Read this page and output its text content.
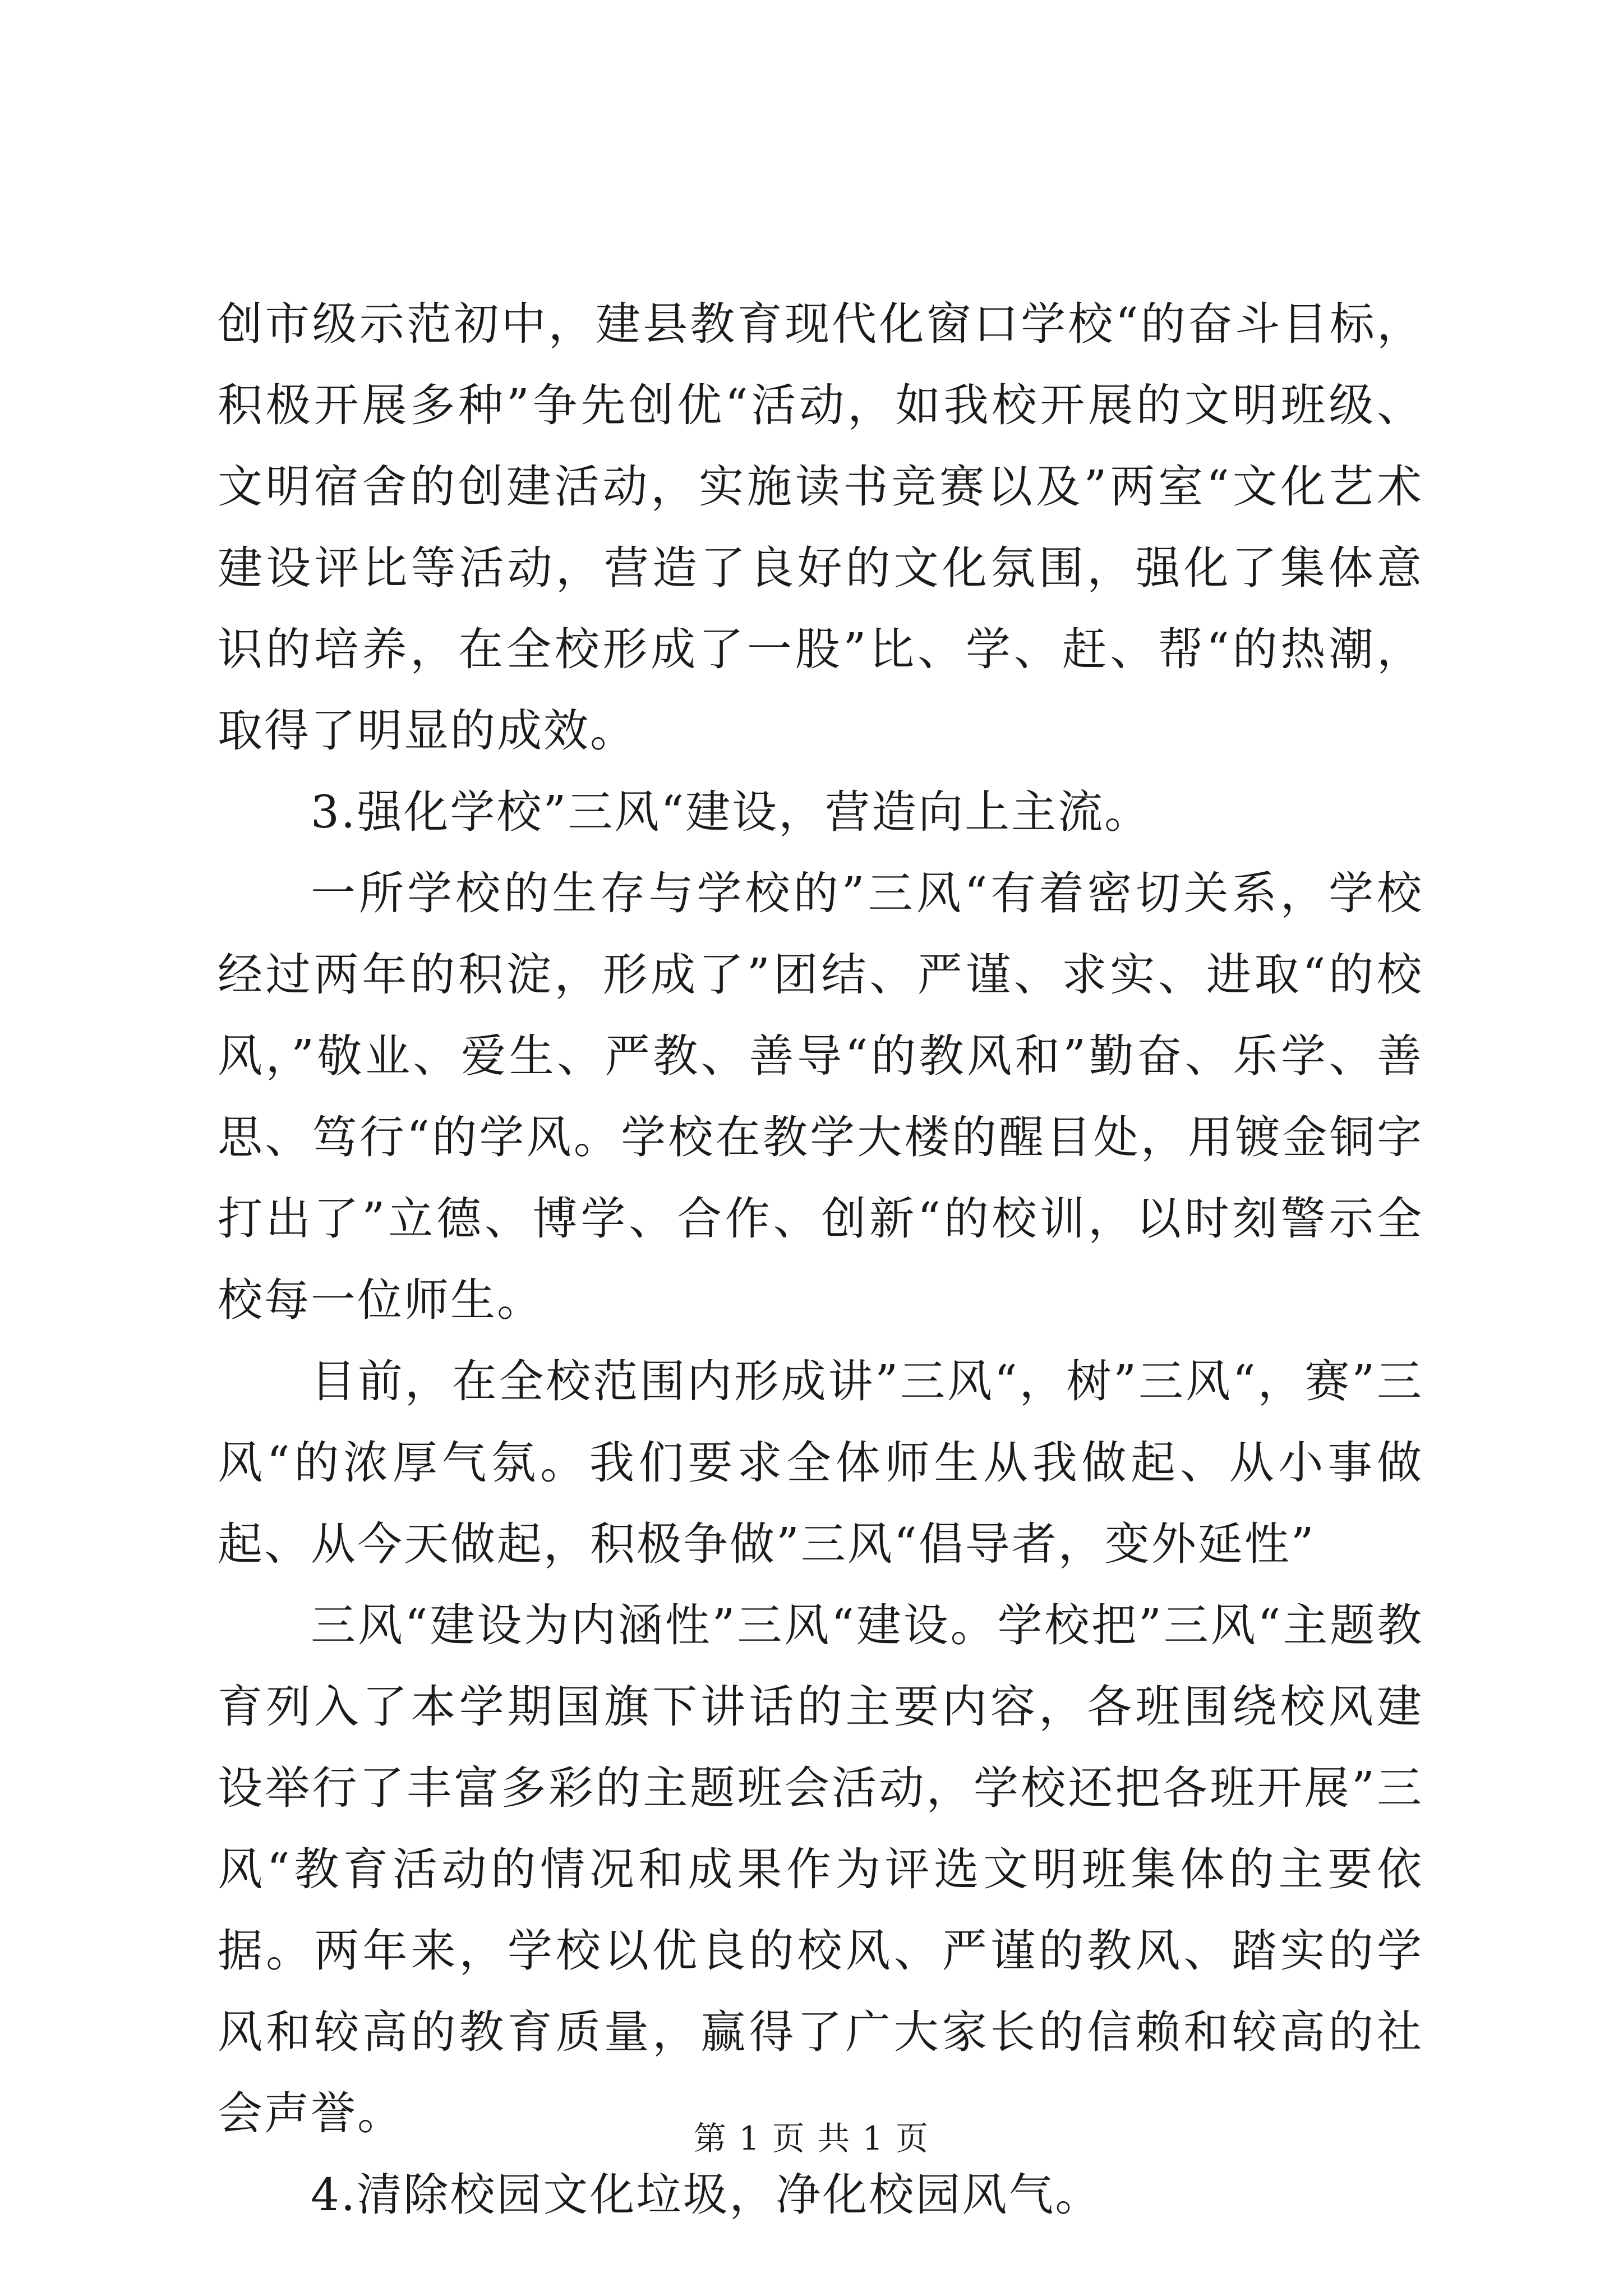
创市级示范初中，建县教育现代化窗口学校“的奋斗目标，积极开展多种”争先创优“活动，如我校开展的文明班级、文明宿舍的创建活动，实施读书竞赛以及”两室“文化艺术建设评比等活动，营造了良好的文化氛围，强化了集体意识的培养，在全校形成了一股”比、学、赶、帮“的热潮，取得了明显的成效。

3.强化学校”三风“建设，营造向上主流。

一所学校的生存与学校的”三风“有着密切关系，学校经过两年的积淀，形成了”团结、严谨、求实、进取“的校风，”敬业、爱生、严教、善导“的教风和”勤奋、乐学、善思、笃行“的学风。学校在教学大楼的醒目处，用镀金铜字打出了”立德、博学、合作、创新“的校训，以时刻警示全校每一位师生。

目前，在全校范围内形成讲”三风“，树”三风“，赛”三风“的浓厚气氛。我们要求全体师生从我做起、从小事做起、从今天做起，积极争做”三风“倡导者，变外延性”

三风“建设为内涵性”三风“建设。学校把”三风“主题教育列入了本学期国旗下讲话的主要内容，各班围绕校风建设举行了丰富多彩的主题班会活动，学校还把各班开展”三风“教育活动的情况和成果作为评选文明班集体的主要依据。两年来，学校以优良的校风、严谨的教风、踏实的学风和较高的教育质量，赢得了广大家长的信赖和较高的社会声誉。

4.清除校园文化垃圾，净化校园风气。

第 1 页 共 1 页
